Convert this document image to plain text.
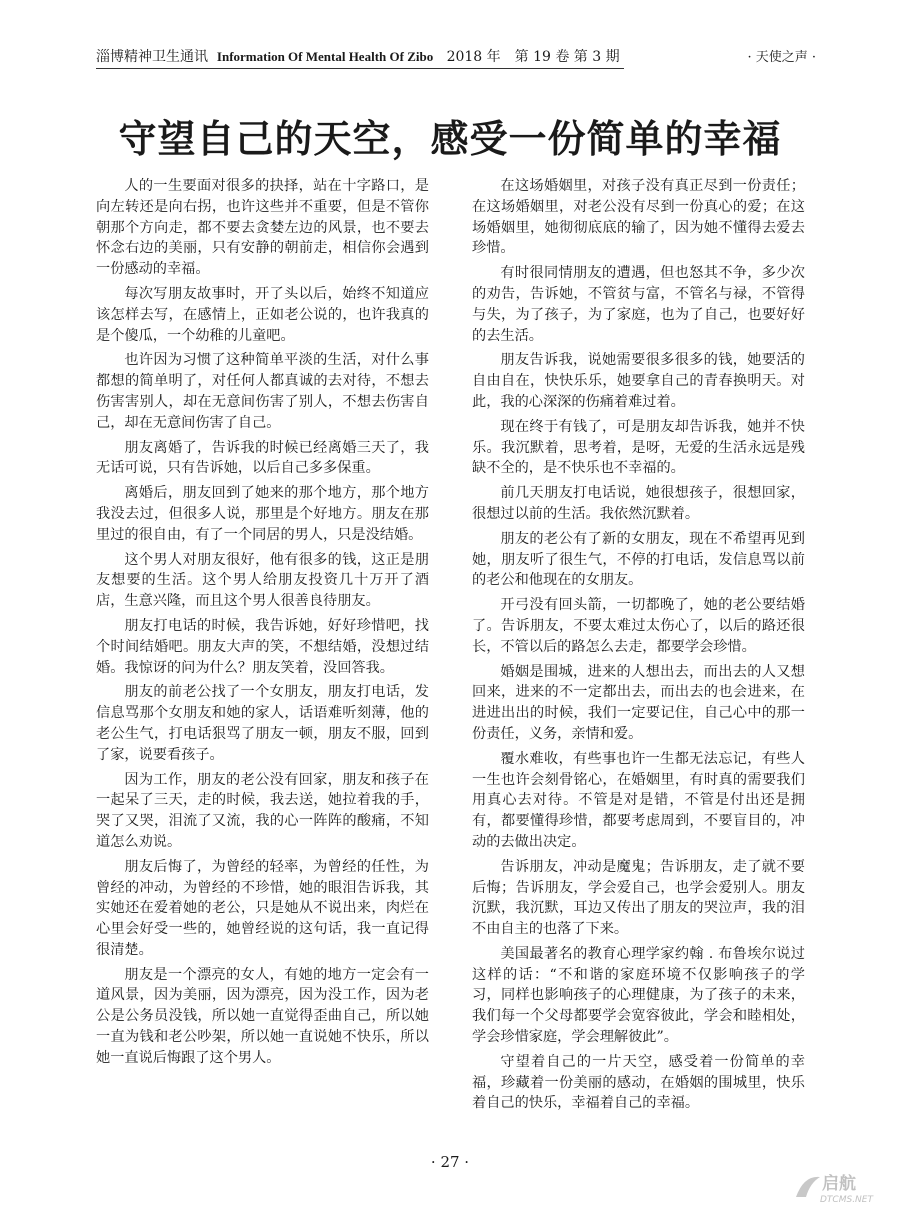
淄博精神卫生通讯 Information Of Mental Health Of Zibo 2018 年　第 19 卷 第 3 期	· 天使之声 ·
守望自己的天空，感受一份简单的幸福

人的一生要面对很多的抉择，站在十字路口，是向左转还是向右拐，也许这些并不重要，但是不管你朝那个方向走，都不要去贪婪左边的风景，也不要去怀念右边的美丽，只有安静的朝前走，相信你会遇到一份感动的幸福。

每次写朋友故事时，开了头以后，始终不知道应该怎样去写，在感情上，正如老公说的，也许我真的是个傻瓜，一个幼稚的儿童吧。

也许因为习惯了这种简单平淡的生活，对什么事都想的简单明了，对任何人都真诚的去对待，不想去伤害害别人，却在无意间伤害了别人，不想去伤害自己，却在无意间伤害了自己。

朋友离婚了，告诉我的时候已经离婚三天了，我无话可说，只有告诉她，以后自己多多保重。

离婚后，朋友回到了她来的那个地方，那个地方我没去过，但很多人说，那里是个好地方。朋友在那里过的很自由，有了一个同居的男人，只是没结婚。

这个男人对朋友很好，他有很多的钱，这正是朋友想要的生活。这个男人给朋友投资几十万开了酒店，生意兴隆，而且这个男人很善良待朋友。

朋友打电话的时候，我告诉她，好好珍惜吧，找个时间结婚吧。朋友大声的笑，不想结婚，没想过结婚。我惊讶的问为什么？朋友笑着，没回答我。

朋友的前老公找了一个女朋友，朋友打电话，发信息骂那个女朋友和她的家人，话语难听刻薄，他的老公生气，打电话狠骂了朋友一顿，朋友不服，回到了家，说要看孩子。

因为工作，朋友的老公没有回家，朋友和孩子在一起呆了三天，走的时候，我去送，她拉着我的手，哭了又哭，泪流了又流，我的心一阵阵的酸痛，不知道怎么劝说。

朋友后悔了，为曾经的轻率，为曾经的任性，为曾经的冲动，为曾经的不珍惜，她的眼泪告诉我，其实她还在爱着她的老公，只是她从不说出来，肉烂在心里会好受一些的，她曾经说的这句话，我一直记得很清楚。

朋友是一个漂亮的女人，有她的地方一定会有一道风景，因为美丽，因为漂亮，因为没工作，因为老公是公务员没钱，所以她一直觉得歪曲自己，所以她一直为钱和老公吵架，所以她一直说她不快乐，所以她一直说后悔跟了这个男人。

在这场婚姻里，对孩子没有真正尽到一份责任；在这场婚姻里，对老公没有尽到一份真心的爱；在这场婚姻里，她彻彻底底的输了，因为她不懂得去爱去珍惜。

有时很同情朋友的遭遇，但也怒其不争，多少次的劝告，告诉她，不管贫与富，不管名与禄，不管得与失，为了孩子，为了家庭，也为了自己，也要好好的去生活。

朋友告诉我，说她需要很多很多的钱，她要活的自由自在，快快乐乐，她要拿自己的青春换明天。对此，我的心深深的伤痛着难过着。

现在终于有钱了，可是朋友却告诉我，她并不快乐。我沉默着，思考着，是呀，无爱的生活永远是残缺不全的，是不快乐也不幸福的。

前几天朋友打电话说，她很想孩子，很想回家，很想过以前的生活。我依然沉默着。

朋友的老公有了新的女朋友，现在不希望再见到她，朋友听了很生气，不停的打电话，发信息骂以前的老公和他现在的女朋友。

开弓没有回头箭，一切都晚了，她的老公要结婚了。告诉朋友，不要太难过太伤心了，以后的路还很长，不管以后的路怎么去走，都要学会珍惜。

婚姻是围城，进来的人想出去，而出去的人又想回来，进来的不一定都出去，而出去的也会进来，在进进出出的时候，我们一定要记住，自己心中的那一份责任，义务，亲情和爱。

覆水难收，有些事也许一生都无法忘记，有些人一生也许会刻骨铭心，在婚姻里，有时真的需要我们用真心去对待。不管是对是错，不管是付出还是拥有，都要懂得珍惜，都要考虑周到，不要盲目的，冲动的去做出决定。

告诉朋友，冲动是魔鬼；告诉朋友，走了就不要后悔；告诉朋友，学会爱自己，也学会爱别人。朋友沉默，我沉默，耳边又传出了朋友的哭泣声，我的泪不由自主的也落了下来。

美国最著名的教育心理学家约翰 . 布鲁埃尔说过这样的话：“不和谐的家庭环境不仅影响孩子的学习，同样也影响孩子的心理健康，为了孩子的未来，我们每一个父母都要学会宽容彼此，学会和睦相处，学会珍惜家庭，学会理解彼此”。

守望着自己的一片天空，感受着一份简单的幸福，珍藏着一份美丽的感动，在婚姻的围城里，快乐着自己的快乐，幸福着自己的幸福。

· 27 ·
启航
DTCMS.NET
